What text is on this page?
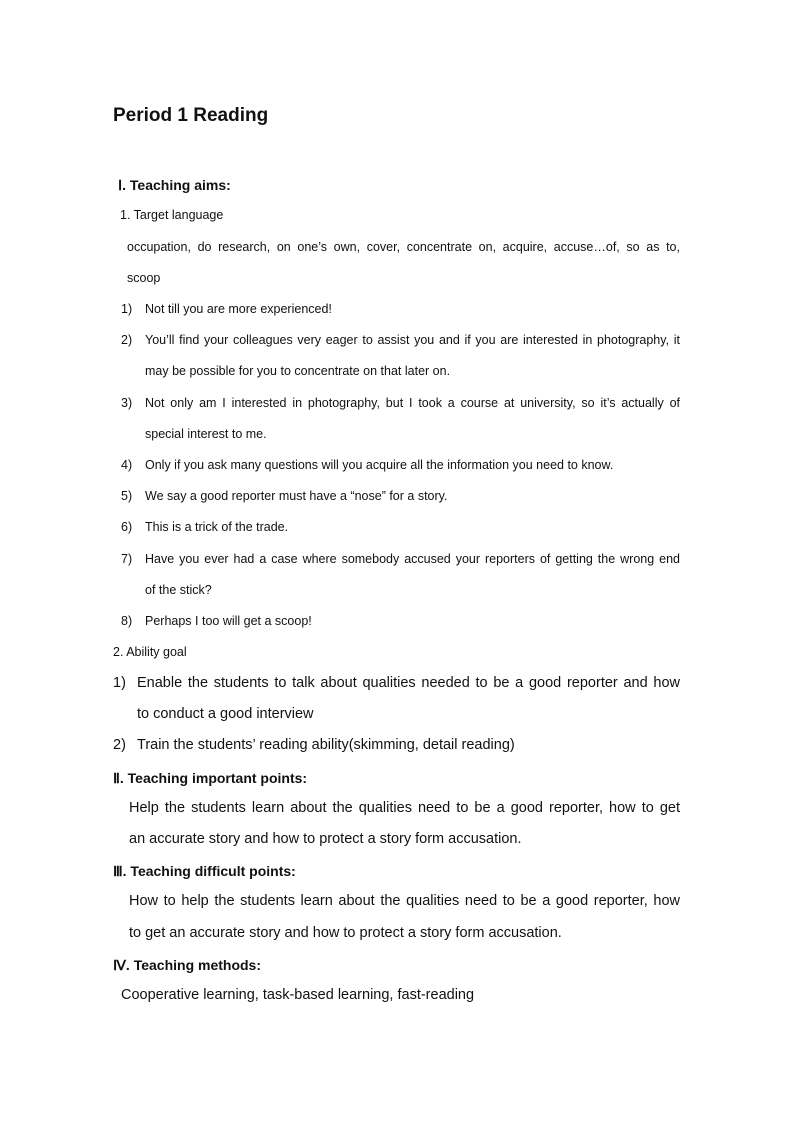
Period 1 Reading
Ⅰ. Teaching aims:
1. Target language
occupation, do research, on one’s own, cover, concentrate on, acquire, accuse…of, so as to,
scoop
1) Not till you are more experienced!
2) You’ll find your colleagues very eager to assist you and if you are interested in photography, it
may be possible for you to concentrate on that later on.
3) Not only am I interested in photography, but I took a course at university, so it’s actually of
special interest to me.
4) Only if you ask many questions will you acquire all the information you need to know.
5) We say a good reporter must have a “nose” for a story.
6) This is a trick of the trade.
7) Have you ever had a case where somebody accused your reporters of getting the wrong end
of the stick?
8) Perhaps I too will get a scoop!
2. Ability goal
1) Enable the students to talk about qualities needed to be a good reporter and how
to conduct a good interview
2) Train the students’ reading ability(skimming, detail reading)
Ⅱ. Teaching important points:
Help the students learn about the qualities need to be a good reporter, how to get
an accurate story and how to protect a story form accusation.
Ⅲ. Teaching difficult points:
How to help the students learn about the qualities need to be a good reporter, how
to get an accurate story and how to protect a story form accusation.
Ⅳ. Teaching methods:
Cooperative learning, task-based learning, fast-reading
